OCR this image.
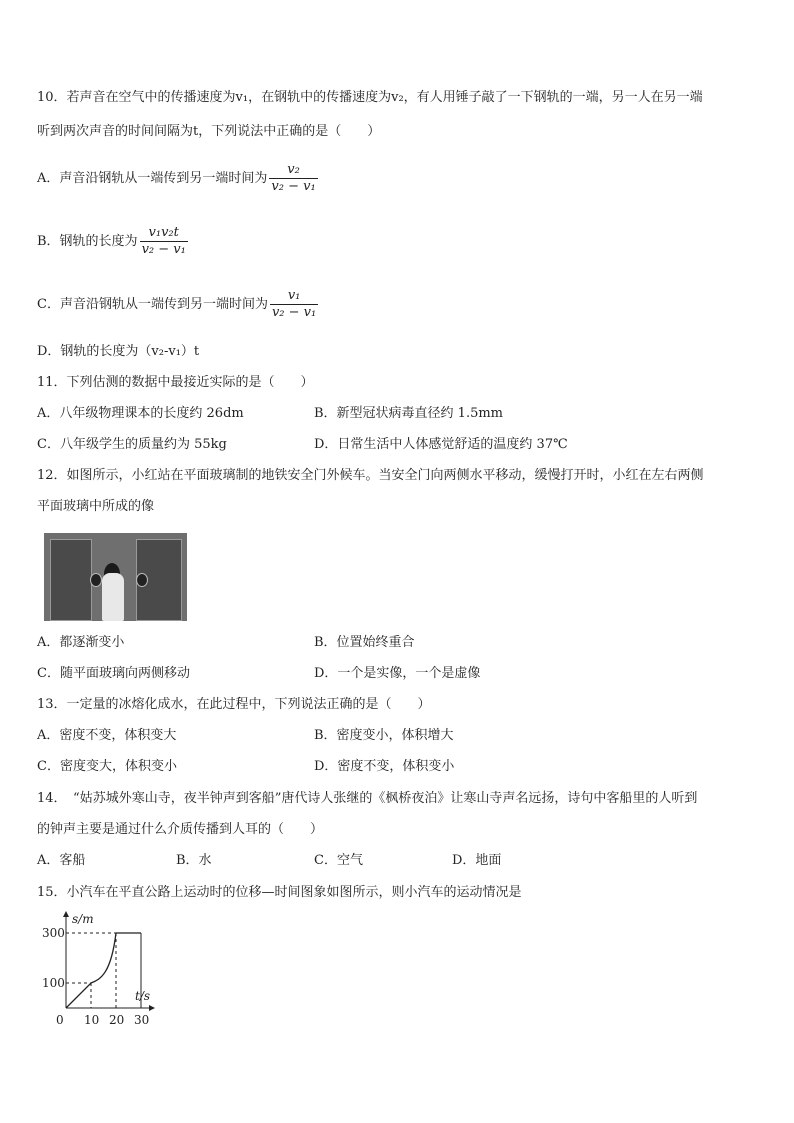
10．若声音在空气中的传播速度为v₁，在钢轨中的传播速度为v₂，有人用锤子敲了一下钢轨的一端，另一人在另一端
听到两次声音的时间间隔为t，下列说法中正确的是（　　）
A．声音沿钢轨从一端传到另一端时间为 $\frac{\text{v₂}}{\text{v₂ − v₁}}$
B．钢轨的长度为 $\frac{\text{v₁v₂t}}{\text{v₂ − v₁}}$
C．声音沿钢轨从一端传到另一端时间为 $\frac{\text{v₁}}{\text{v₂ − v₁}}$
D．钢轨的长度为（v₂-v₁）t
11．下列估测的数据中最接近实际的是（　　）
A．八年级物理课本的长度约 26dm	B．新型冠状病毒直径约 1.5mm
C．八年级学生的质量约为 55kg	D．日常生活中人体感觉舒适的温度约 37℃
12．如图所示，小红站在平面玻璃制的地铁安全门外候车。当安全门向两侧水平移动，缓慢打开时，小红在左右两侧
平面玻璃中所成的像
A．都逐渐变小	B．位置始终重合
C．随平面玻璃向两侧移动	D．一个是实像，一个是虚像
13．一定量的冰熔化成水，在此过程中，下列说法正确的是（　　）
A．密度不变，体积变大	B．密度变小，体积增大
C．密度变大，体积变小	D．密度不变，体积变小
14．　“姑苏城外寒山寺，夜半钟声到客船”唐代诗人张继的《枫桥夜泊》让寒山寺声名远扬，诗句中客船里的人听到
的钟声主要是通过什么介质传播到人耳的（　　）
A．客船	B．水	C．空气	D．地面
15．小汽车在平直公路上运动时的位移—时间图象如图所示，则小汽车的运动情况是
s/m
t/s
0 10 20 30
100
300
